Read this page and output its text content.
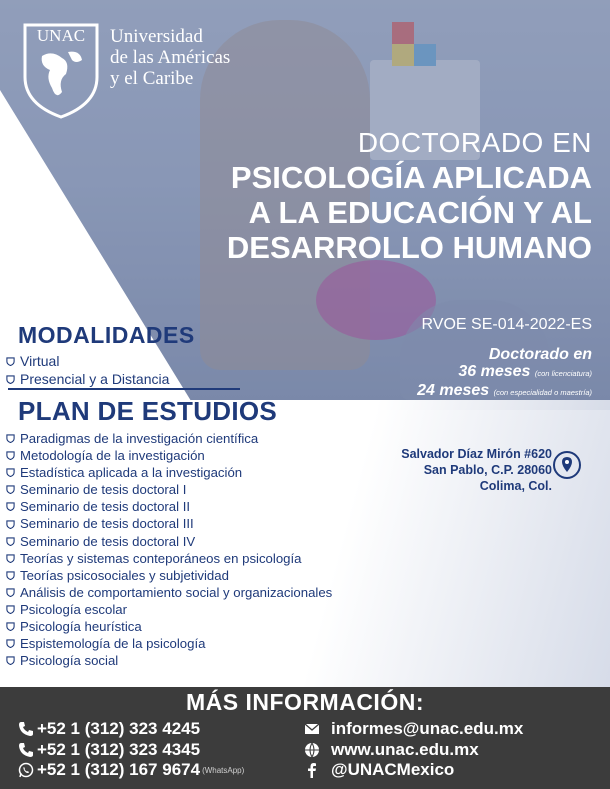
UNAC	Universidad
de las Américas
y el Caribe
DOCTORADO EN
PSICOLOGÍA APLICADA
A LA EDUCACIÓN Y AL
DESARROLLO HUMANO
RVOE SE-014-2022-ES
Doctorado en
36 meses (con licenciatura)
24 meses (con especialidad o maestría)
MODALIDADES
Virtual
Presencial y a Distancia
PLAN DE ESTUDIOS
Paradigmas de la investigación científica
Metodología de la investigación
Estadística aplicada a la investigación
Seminario de tesis doctoral I
Seminario de tesis doctoral II
Seminario de tesis doctoral III
Seminario de tesis doctoral IV
Teorías y sistemas conteporáneos en psicología
Teorías psicosociales y subjetividad
Análisis de comportamiento social y organizacionales
Psicología escolar
Psicología heurística
Espistemología de la psicología
Psicología social
Salvador Díaz Mirón #620
San Pablo, C.P. 28060
Colima, Col.
MÁS INFORMACIÓN:
+52 1 (312) 323 4245
+52 1 (312) 323 4345
+52 1 (312) 167 9674 (WhatsApp)
informes@unac.edu.mx
www.unac.edu.mx
@UNACMexico
